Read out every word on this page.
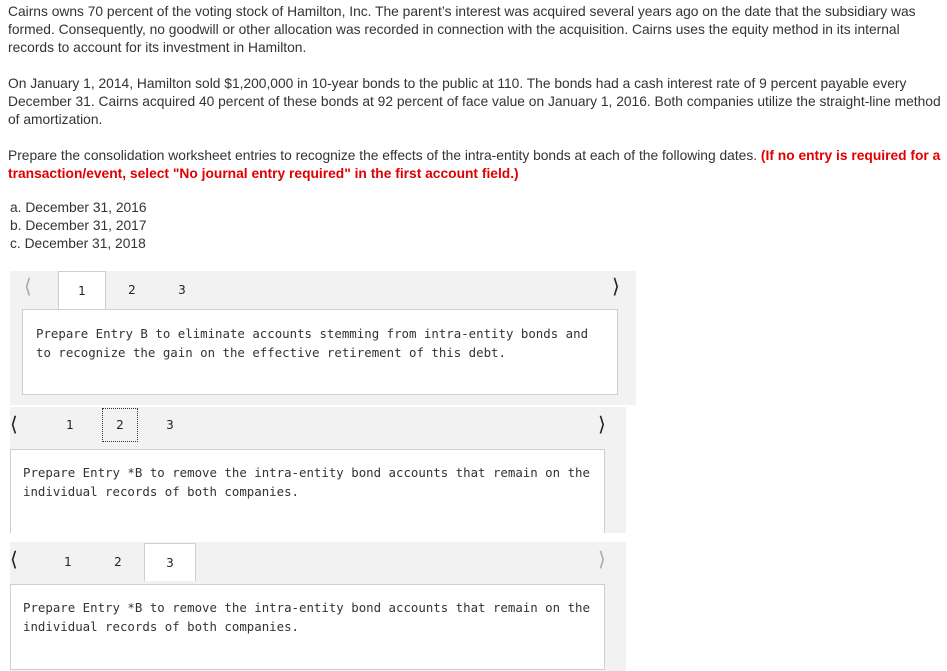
Cairns owns 70 percent of the voting stock of Hamilton, Inc. The parent’s interest was acquired several years ago on the date that the subsidiary was formed. Consequently, no goodwill or other allocation was recorded in connection with the acquisition. Cairns uses the equity method in its internal records to account for its investment in Hamilton.

On January 1, 2014, Hamilton sold $1,200,000 in 10-year bonds to the public at 110. The bonds had a cash interest rate of 9 percent payable every December 31. Cairns acquired 40 percent of these bonds at 92 percent of face value on January 1, 2016. Both companies utilize the straight-line method of amortization.

Prepare the consolidation worksheet entries to recognize the effects of the intra-entity bonds at each of the following dates. (If no entry is required for a transaction/event, select "No journal entry required" in the first account field.)

a. December 31, 2016
b. December 31, 2017
c. December 31, 2018
⟨	1	2	3	⟩
Prepare Entry B to eliminate accounts stemming from intra-entity bonds and to recognize the gain on the effective retirement of this debt.
⟨	1	2	3	⟩
Prepare Entry *B to remove the intra-entity bond accounts that remain on the individual records of both companies.
⟨	1	2	3	⟩
Prepare Entry *B to remove the intra-entity bond accounts that remain on the individual records of both companies.
